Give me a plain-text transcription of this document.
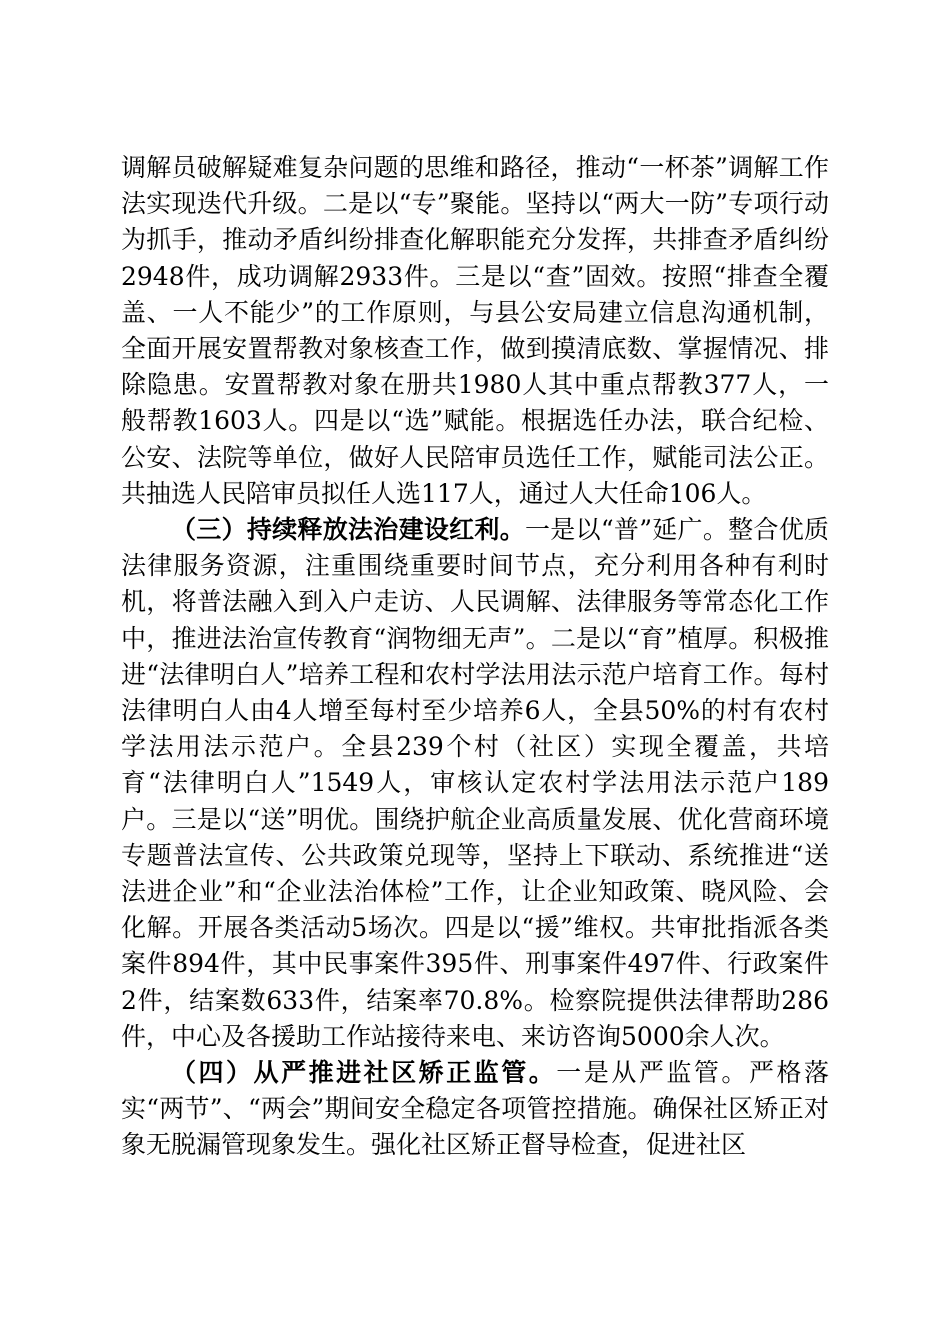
调解员破解疑难复杂问题的思维和路径，推动“一杯茶”调解工作法实现迭代升级。二是以“专”聚能。坚持以“两大一防”专项行动为抓手，推动矛盾纠纷排查化解职能充分发挥，共排查矛盾纠纷2948件，成功调解2933件。三是以“查”固效。按照“排查全覆盖、一人不能少”的工作原则，与县公安局建立信息沟通机制，全面开展安置帮教对象核查工作，做到摸清底数、掌握情况、排除隐患。安置帮教对象在册共1980人其中重点帮教377人，一般帮教1603人。四是以“选”赋能。根据选任办法，联合纪检、公安、法院等单位，做好人民陪审员选任工作，赋能司法公正。共抽选人民陪审员拟任人选117人，通过人大任命106人。

（三）持续释放法治建设红利。一是以“普”延广。整合优质法律服务资源，注重围绕重要时间节点，充分利用各种有利时机，将普法融入到入户走访、人民调解、法律服务等常态化工作中，推进法治宣传教育“润物细无声”。二是以“育”植厚。积极推进“法律明白人”培养工程和农村学法用法示范户培育工作。每村法律明白人由4人增至每村至少培养6人，全县50%的村有农村学法用法示范户。全县239个村（社区）实现全覆盖，共培育“法律明白人”1549人，审核认定农村学法用法示范户189户。三是以“送”明优。围绕护航企业高质量发展、优化营商环境专题普法宣传、公共政策兑现等，坚持上下联动、系统推进“送法进企业”和“企业法治体检”工作，让企业知政策、晓风险、会化解。开展各类活动5场次。四是以“援”维权。共审批指派各类案件894件，其中民事案件395件、刑事案件497件、行政案件2件，结案数633件，结案率70.8%。检察院提供法律帮助286件，中心及各援助工作站接待来电、来访咨询5000余人次。

（四）从严推进社区矫正监管。一是从严监管。严格落实“两节”、“两会”期间安全稳定各项管控措施。确保社区矫正对象无脱漏管现象发生。强化社区矫正督导检查，促进社区
